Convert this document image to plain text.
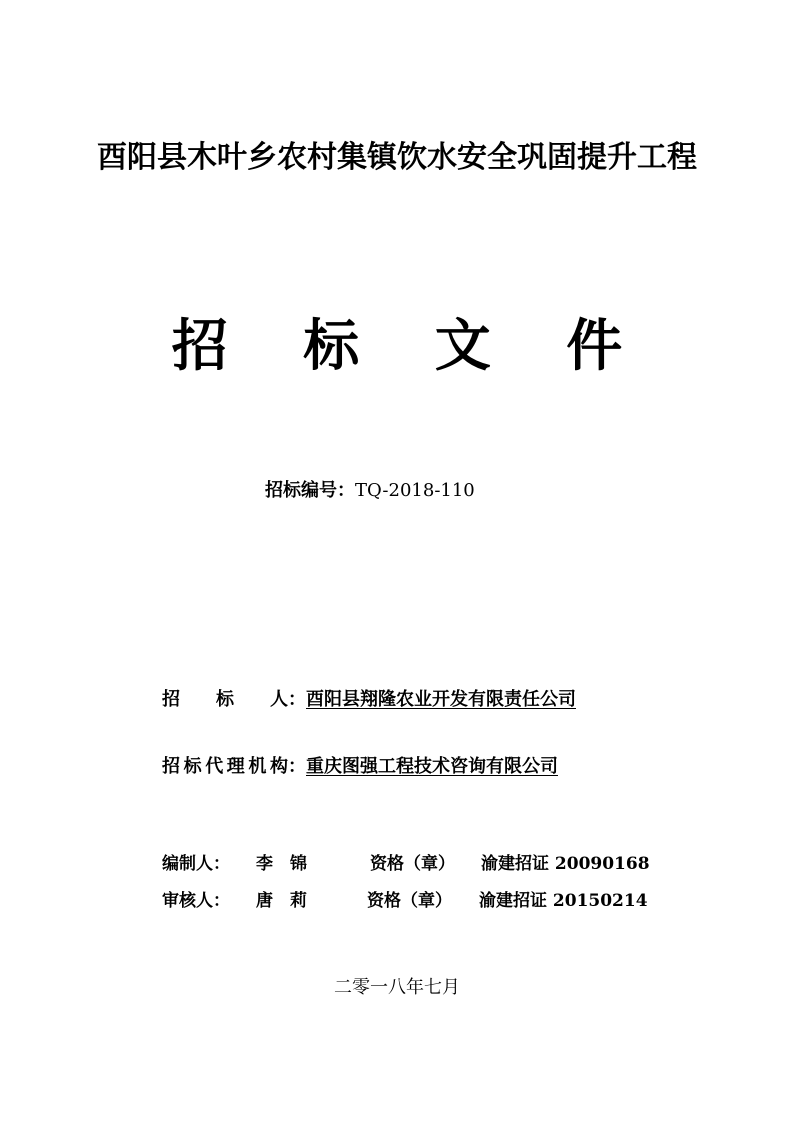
酉阳县木叶乡农村集镇饮水安全巩固提升工程
招 标 文 件
招标编号：TQ-2018-110
招 标 人：酉阳县翔隆农业开发有限责任公司
招标代理机构：重庆图强工程技术咨询有限公司
编制人： 李　锦	资格（章） 渝建招证 20090168
审核人： 唐　莉	资格（章） 渝建招证 20150214
二零一八年七月
